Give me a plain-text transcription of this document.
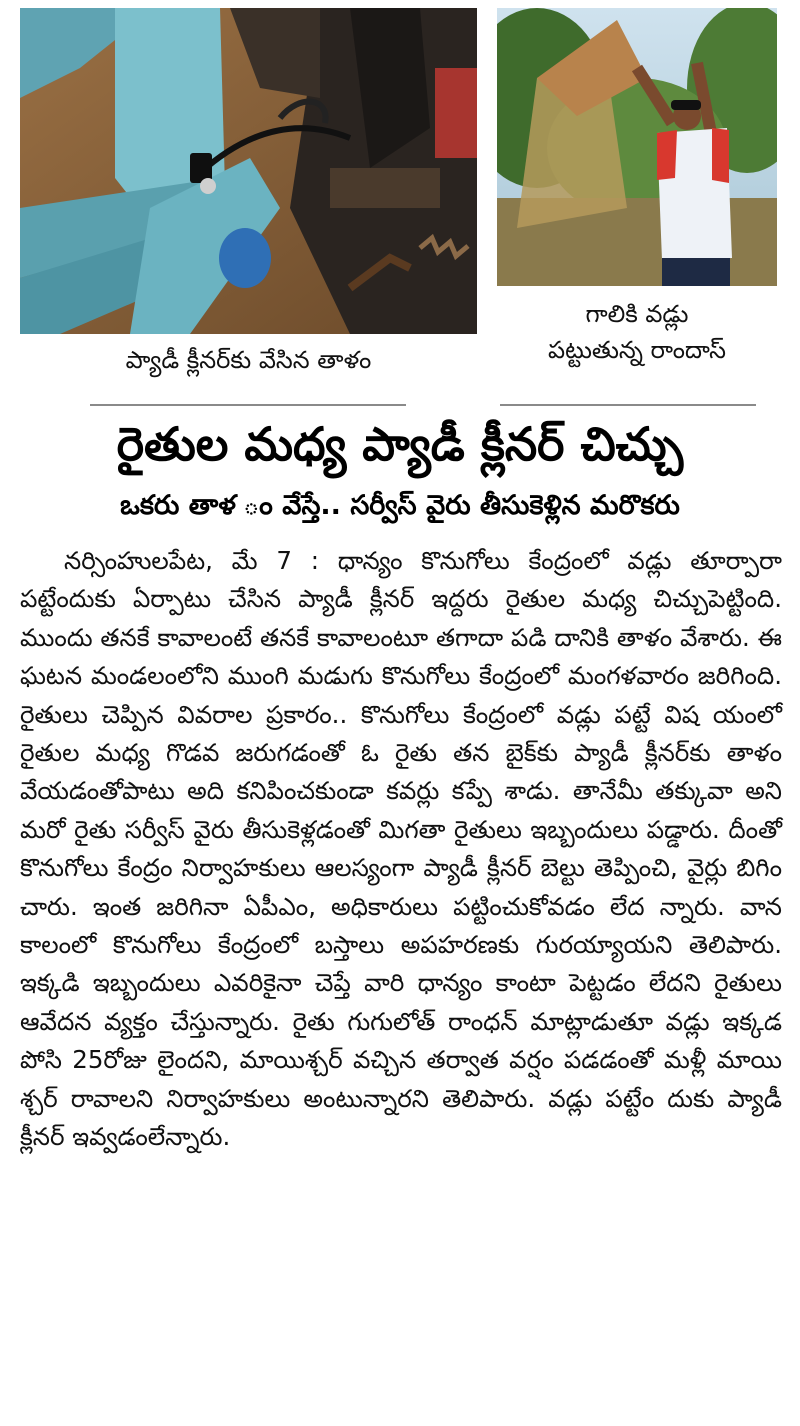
గాలికి వడ్లు
పట్టుతున్న రాందాస్
ప్యాడీ క్లీనర్‌కు వేసిన తాళం
రైతుల మధ్య ప్యాడీ క్లీనర్‌ చిచ్చు
ఒకరు తాళ ం వేస్తే.. సర్వీస్‌ వైరు తీసుకెళ్లిన మరొకరు

నర్సింహులపేట, మే 7 : ధాన్యం కొనుగోలు కేంద్రంలో వడ్లు తూర్పారా పట్టేందుకు ఏర్పాటు చేసిన ప్యాడీ క్లీనర్‌ ఇద్దరు రైతుల మధ్య చిచ్చుపెట్టింది. ముందు తనకే కావాలంటే తనకే కావాలంటూ తగాదా పడి దానికి తాళం వేశారు. ఈ ఘటన మండలంలోని ముంగి మడుగు కొనుగోలు కేంద్రంలో మంగళవారం జరిగింది. రైతులు చెప్పిన వివరాల ప్రకారం.. కొనుగోలు కేంద్రంలో వడ్లు పట్టే విష యంలో రైతుల మధ్య గొడవ జరుగడంతో ఓ రైతు తన బైక్‌కు ప్యాడీ క్లీనర్‌కు తాళం వేయడంతోపాటు అది కనిపించకుండా కవర్లు కప్పే శాడు. తానేమీ తక్కువా అని మరో రైతు సర్వీస్‌ వైరు తీసుకెళ్లడంతో మిగతా రైతులు ఇబ్బందులు పడ్డారు. దీంతో కొనుగోలు కేంద్రం నిర్వాహకులు ఆలస్యంగా ప్యాడీ క్లీనర్‌ బెల్టు తెప్పించి, వైర్లు బిగిం చారు. ఇంత జరిగినా ఏపీఎం, అధికారులు పట్టించుకోవడం లేద న్నారు. వాన కాలంలో కొనుగోలు కేంద్రంలో బస్తాలు అపహరణకు గురయ్యాయని తెలిపారు. ఇక్కడి ఇబ్బందులు ఎవరికైనా చెప్తే వారి ధాన్యం కాంటా పెట్టడం లేదని రైతులు ఆవేదన వ్యక్తం చేస్తున్నారు. రైతు గుగులోత్‌ రాంధన్‌ మాట్లాడుతూ వడ్లు ఇక్కడ పోసి 25రోజు లైందని, మాయిశ్చర్‌ వచ్చిన తర్వాత వర్షం పడడంతో మళ్లీ మాయి శ్చర్‌ రావాలని నిర్వాహకులు అంటున్నారని తెలిపారు. వడ్లు పట్టేం దుకు ప్యాడీ క్లీనర్‌ ఇవ్వడంలేన్నారు.
